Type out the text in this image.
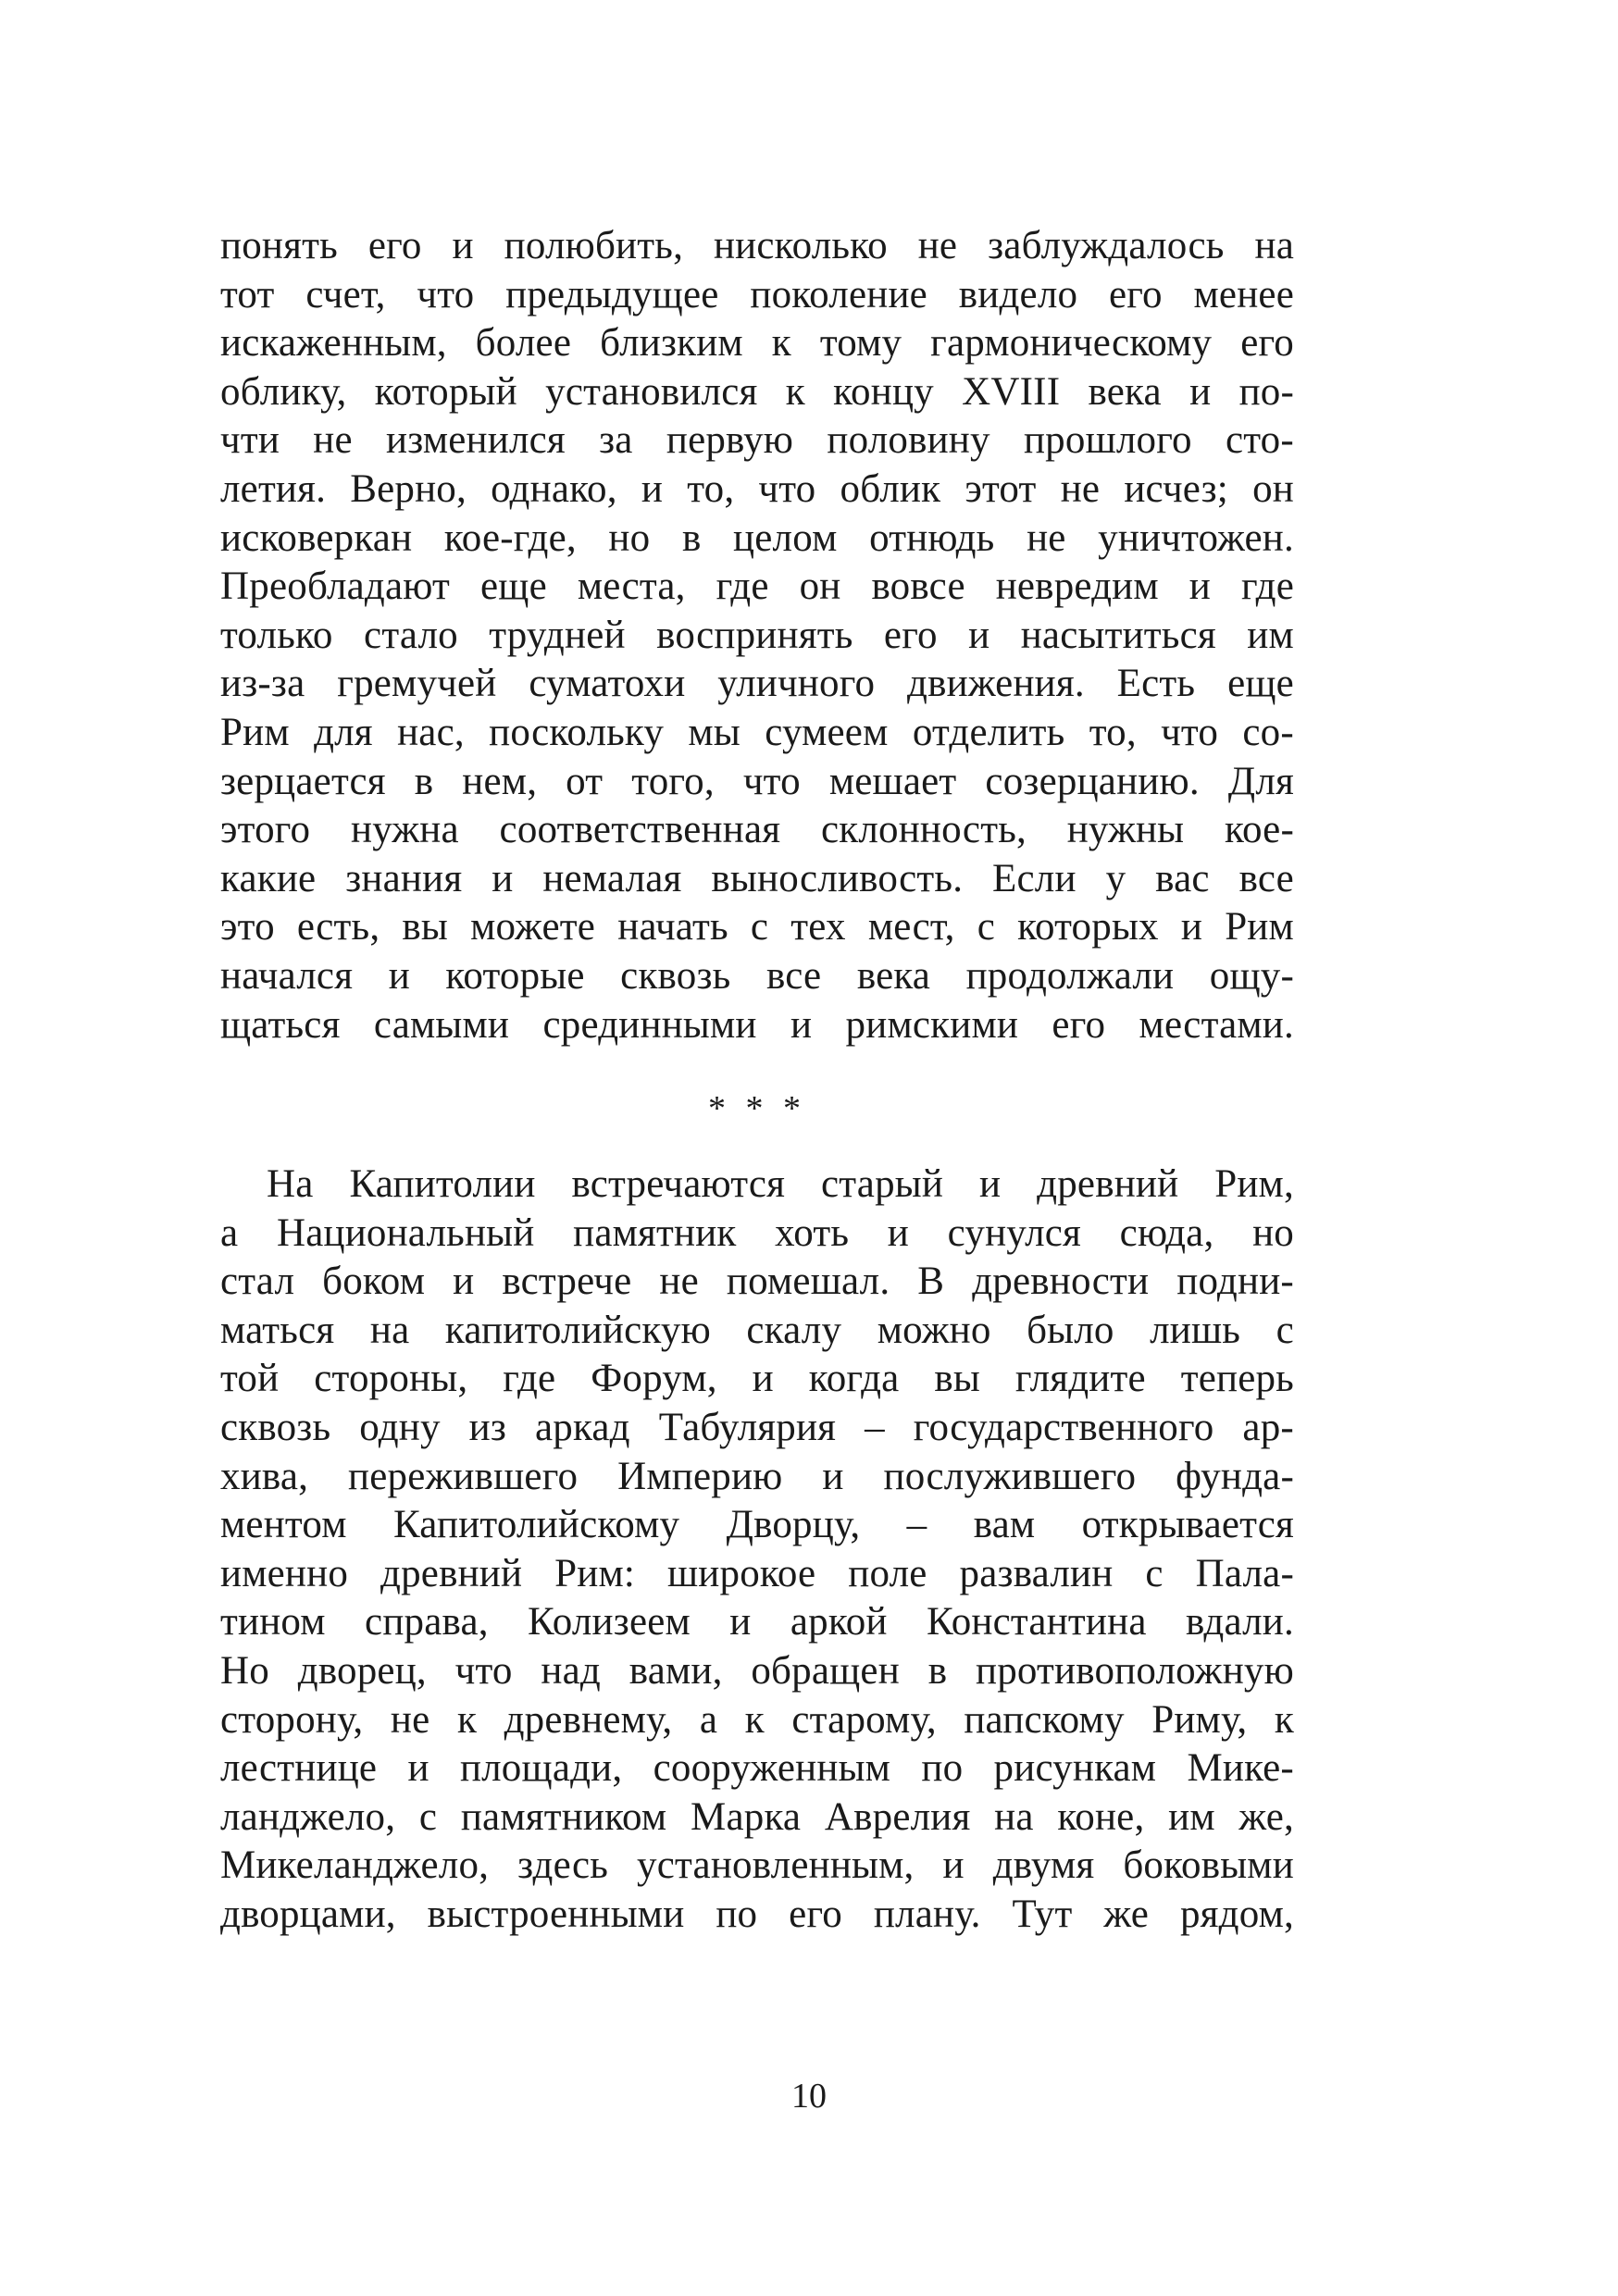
понять его и полюбить, нисколько не заблуждалось на
тот счет, что предыдущее поколение видело его менее
искаженным, более близким к тому гармоническому его
облику, который установился к концу XVIII века и по-
чти не изменился за первую половину прошлого сто-
летия. Верно, однако, и то, что облик этот не исчез; он
исковеркан кое-где, но в целом отнюдь не уничтожен.
Преобладают еще места, где он вовсе невредим и где
только стало трудней воспринять его и насытиться им
из-за гремучей суматохи уличного движения. Есть еще
Рим для нас, поскольку мы сумеем отделить то, что со-
зерцается в нем, от того, что мешает созерцанию. Для
этого нужна соответственная склонность, нужны кое-
какие знания и немалая выносливость. Если у вас все
это есть, вы можете начать с тех мест, с которых и Рим
начался и которые сквозь все века продолжали ощу-
щаться самыми срединными и римскими его местами.
* * *
На Капитолии встречаются старый и древний Рим,
а Национальный памятник хоть и сунулся сюда, но
стал боком и встрече не помешал. В древности подни-
маться на капитолийскую скалу можно было лишь с
той стороны, где Форум, и когда вы глядите теперь
сквозь одну из аркад Табулярия – государственного ар-
хива, пережившего Империю и послужившего фунда-
ментом Капитолийскому Дворцу, – вам открывается
именно древний Рим: широкое поле развалин с Пала-
тином справа, Колизеем и аркой Константина вдали.
Но дворец, что над вами, обращен в противоположную
сторону, не к древнему, а к старому, папскому Риму, к
лестнице и площади, сооруженным по рисункам Мике-
ланджело, с памятником Марка Аврелия на коне, им же,
Микеланджело, здесь установленным, и двумя боковыми
дворцами, выстроенными по его плану. Тут же рядом,
10
